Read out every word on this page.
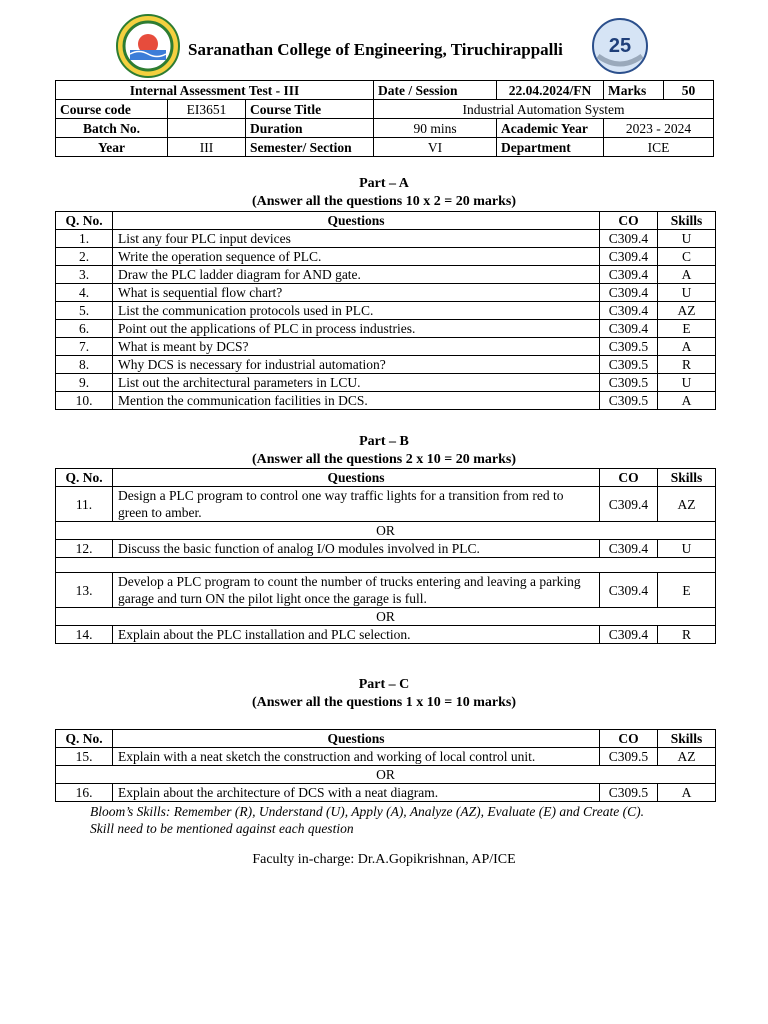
Saranathan College of Engineering, Tiruchirappalli 25
Internal Assessment Test - III			Date / Session	22.04.2024/FN	Marks	50
Course code	EI3651	Course Title	Industrial Automation System			
Batch No.		Duration	90 mins	Academic Year	2023 - 2024	
Year	III	Semester/ Section	VI	Department	ICE	
Part – A
(Answer all the questions 10 x 2 = 20 marks)
Q. No.	Questions	CO	Skills
1.	List any four PLC input devices	C309.4	U
2.	Write the operation sequence of PLC.	C309.4	C
3.	Draw the PLC ladder diagram for AND gate.	C309.4	A
4.	What is sequential flow chart?	C309.4	U
5.	List the communication protocols used in PLC.	C309.4	AZ
6.	Point out the applications of PLC in process industries.	C309.4	E
7.	What is meant by DCS?	C309.5	A
8.	Why DCS is necessary for industrial automation?	C309.5	R
9.	List out the architectural parameters in LCU.	C309.5	U
10.	Mention the communication facilities in DCS.	C309.5	A
Part – B
(Answer all the questions 2 x 10 = 20 marks)
Q. No.	Questions	CO	Skills
11.	Design a PLC program to control one way traffic lights for a transition from red to green to amber.	C309.4	AZ
OR			
12.	Discuss the basic function of analog I/O modules involved in PLC.	C309.4	U

13.	Develop a PLC program to count the number of trucks entering and leaving a parking garage and turn ON the pilot light once the garage is full.	C309.4	E
OR			
14.	Explain about the PLC installation and PLC selection.	C309.4	R
Part – C
(Answer all the questions 1 x 10 = 10 marks)
Q. No.	Questions	CO	Skills
15.	Explain with a neat sketch the construction and working of local control unit.	C309.5	AZ
OR			
16.	Explain about the architecture of DCS with a neat diagram.	C309.5	A
Bloom’s Skills: Remember (R), Understand (U), Apply (A), Analyze (AZ), Evaluate (E) and Create (C).
Skill need to be mentioned against each question
Faculty in-charge: Dr.A.Gopikrishnan, AP/ICE
